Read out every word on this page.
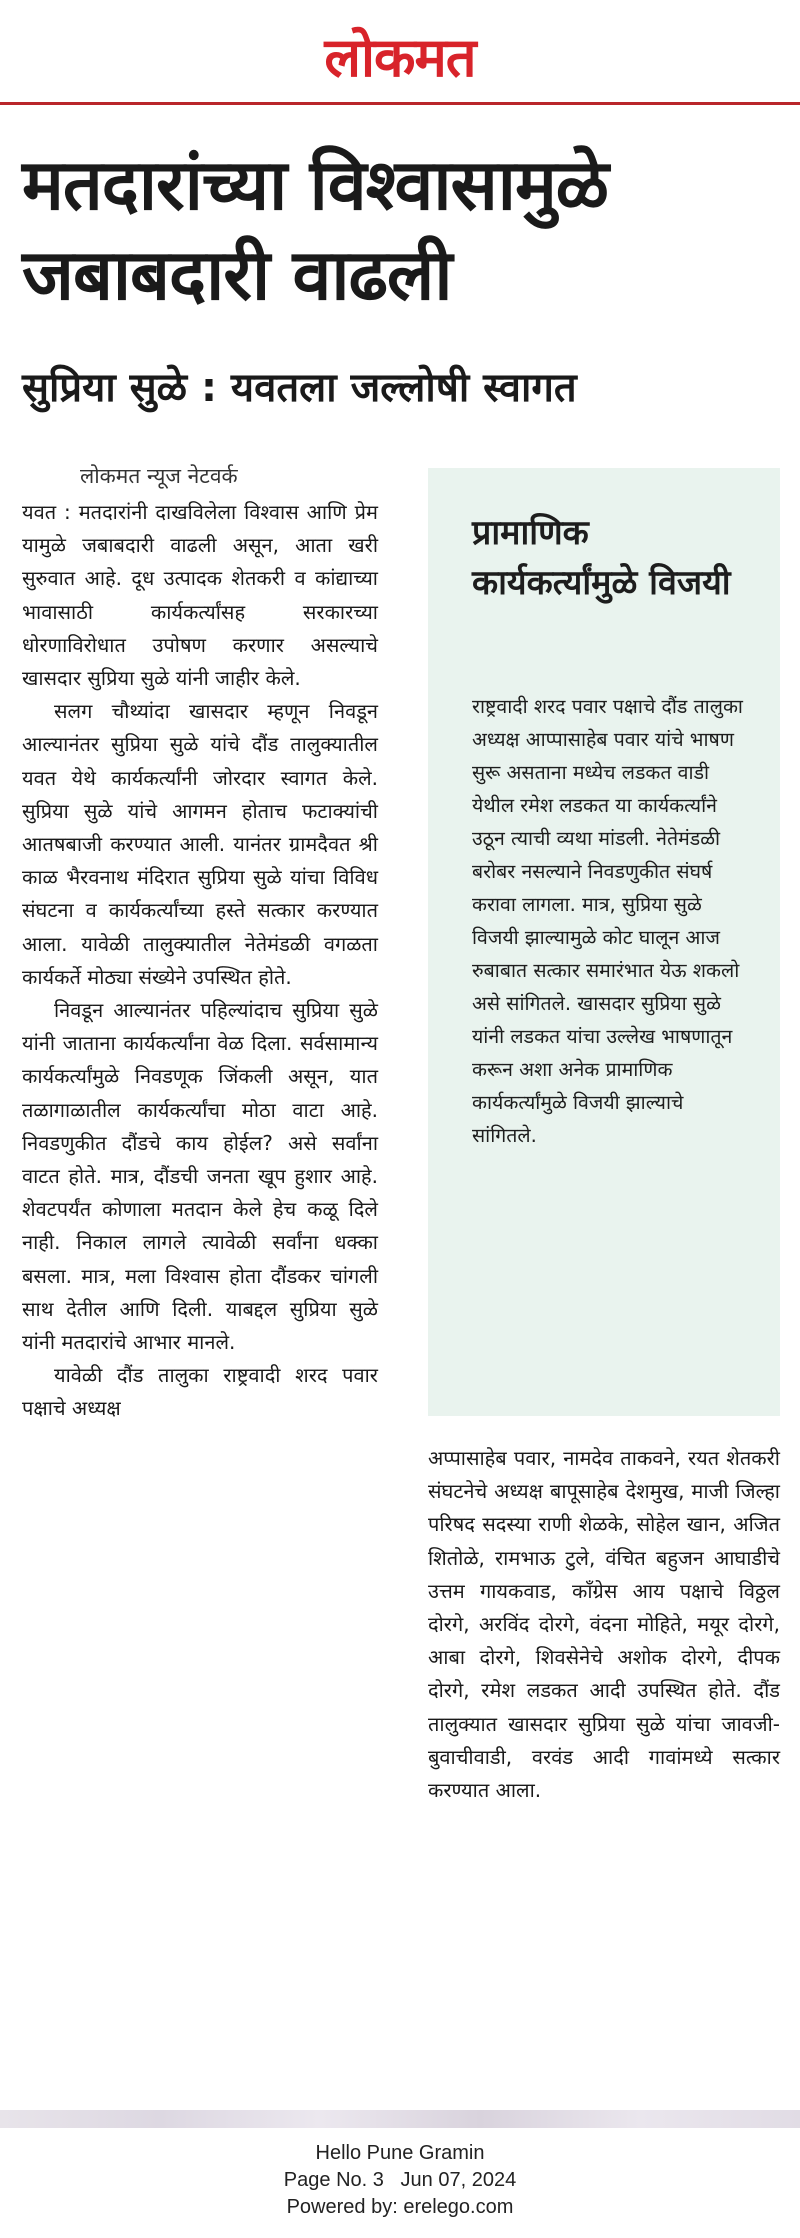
लोकमत
मतदारांच्या विश्वासामुळे
जबाबदारी वाढली
सुप्रिया सुळे : यवतला जल्लोषी स्वागत
लोकमत न्यूज नेटवर्क

यवत : मतदारांनी दाखविलेला विश्वास आणि प्रेम यामुळे जबाबदारी वाढली असून, आता खरी सुरुवात आहे. दूध उत्पादक शेतकरी व कांद्याच्या भावासाठी कार्यकर्त्यांसह सरकारच्या धोरणाविरोधात उपोषण करणार असल्याचे खासदार सुप्रिया सुळे यांनी जाहीर केले.

सलग चौथ्यांदा खासदार म्हणून निवडून आल्यानंतर सुप्रिया सुळे यांचे दौंड तालुक्यातील यवत येथे कार्यकर्त्यांनी जोरदार स्वागत केले. सुप्रिया सुळे यांचे आगमन होताच फटाक्यांची आतषबाजी करण्यात आली. यानंतर ग्रामदैवत श्री काळ भैरवनाथ मंदिरात सुप्रिया सुळे यांचा विविध संघटना व कार्यकर्त्यांच्या हस्ते सत्कार करण्यात आला. यावेळी तालुक्यातील नेतेमंडळी वगळता कार्यकर्ते मोठ्या संख्येने उपस्थित होते.

निवडून आल्यानंतर पहिल्यांदाच सुप्रिया सुळे यांनी जाताना कार्यकर्त्यांना वेळ दिला. सर्वसामान्य कार्यकर्त्यांमुळे निवडणूक जिंकली असून, यात तळागाळातील कार्यकर्त्यांचा मोठा वाटा आहे. निवडणुकीत दौंडचे काय होईल? असे सर्वांना वाटत होते. मात्र, दौंडची जनता खूप हुशार आहे. शेवटपर्यंत कोणाला मतदान केले हेच कळू दिले नाही. निकाल लागले त्यावेळी सर्वांना धक्का बसला. मात्र, मला विश्वास होता दौंडकर चांगली साथ देतील आणि दिली. याबद्दल सुप्रिया सुळे यांनी मतदारांचे आभार मानले.

यावेळी दौंड तालुका राष्ट्रवादी शरद पवार पक्षाचे अध्यक्ष

प्रामाणिक कार्यकर्त्यांमुळे विजयी
राष्ट्रवादी शरद पवार पक्षाचे दौंड तालुका अध्यक्ष आप्पासाहेब पवार यांचे भाषण सुरू असताना मध्येच लडकत वाडी येथील रमेश लडकत या कार्यकर्त्यांने उठून त्याची व्यथा मांडली. नेतेमंडळी बरोबर नसल्याने निवडणुकीत संघर्ष करावा लागला. मात्र, सुप्रिया सुळे विजयी झाल्यामुळे कोट घालून आज रुबाबात सत्कार समारंभात येऊ शकलो असे सांगितले. खासदार सुप्रिया सुळे यांनी लडकत यांचा उल्लेख भाषणातून करून अशा अनेक प्रामाणिक कार्यकर्त्यांमुळे विजयी झाल्याचे सांगितले.

अप्पासाहेब पवार, नामदेव ताकवने, रयत शेतकरी संघटनेचे अध्यक्ष बापूसाहेब देशमुख, माजी जिल्हा परिषद सदस्या राणी शेळके, सोहेल खान, अजित शितोळे, रामभाऊ टुले, वंचित बहुजन आघाडीचे उत्तम गायकवाड, कॉंग्रेस आय पक्षाचे विठ्ठल दोरगे, अरविंद दोरगे, वंदना मोहिते, मयूर दोरगे, आबा दोरगे, शिवसेनेचे अशोक दोरगे, दीपक दोरगे, रमेश लडकत आदी उपस्थित होते. दौंड तालुक्यात खासदार सुप्रिया सुळे यांचा जावजी-बुवाचीवाडी, वरवंड आदी गावांमध्ये सत्कार करण्यात आला.

Hello Pune Gramin
Page No. 3   Jun 07, 2024
Powered by: erelego.com
